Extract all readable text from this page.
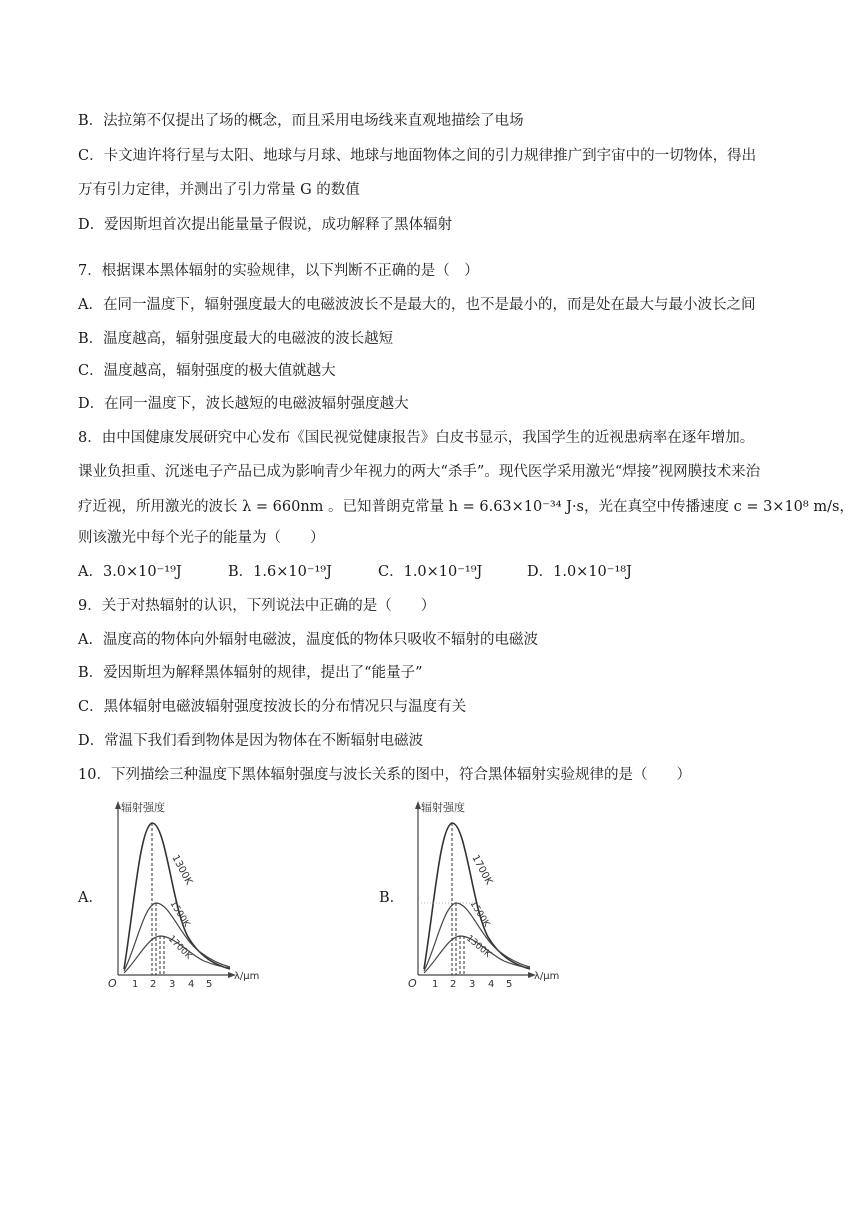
B．法拉第不仅提出了场的概念，而且采用电场线来直观地描绘了电场
C．卡文迪许将行星与太阳、地球与月球、地球与地面物体之间的引力规律推广到宇宙中的一切物体，得出
万有引力定律，并测出了引力常量 G 的数值
D．爱因斯坦首次提出能量量子假说，成功解释了黑体辐射
7．根据课本黑体辐射的实验规律，以下判断不正确的是（　）
A．在同一温度下，辐射强度最大的电磁波波长不是最大的，也不是最小的，而是处在最大与最小波长之间
B．温度越高，辐射强度最大的电磁波的波长越短
C．温度越高，辐射强度的极大值就越大
D．在同一温度下，波长越短的电磁波辐射强度越大
8．由中国健康发展研究中心发布《国民视觉健康报告》白皮书显示，我国学生的近视患病率在逐年增加。
课业负担重、沉迷电子产品已成为影响青少年视力的两大“杀手”。现代医学采用激光“焊接”视网膜技术来治
疗近视，所用激光的波长 λ = 660nm 。已知普朗克常量 h = 6.63×10⁻³⁴ J·s，光在真空中传播速度 c = 3×10⁸ m/s，
则该激光中每个光子的能量为（　　）
A．3.0×10⁻¹⁹J	B．1.6×10⁻¹⁹J	C．1.0×10⁻¹⁹J	D．1.0×10⁻¹⁸J
9．关于对热辐射的认识，下列说法中正确的是（　　）
A．温度高的物体向外辐射电磁波，温度低的物体只吸收不辐射的电磁波
B．爱因斯坦为解释黑体辐射的规律，提出了“能量子”
C．黑体辐射电磁波辐射强度按波长的分布情况只与温度有关
D．常温下我们看到物体是因为物体在不断辐射电磁波
10．下列描绘三种温度下黑体辐射强度与波长关系的图中，符合黑体辐射实验规律的是（　　）
A．	B．
辐射强度
O
λ/μm
1 2 3 4 5
1300K
1500K
1700K
辐射强度
O
λ/μm
1 2 3 4 5
1700K
1500K
1300K
